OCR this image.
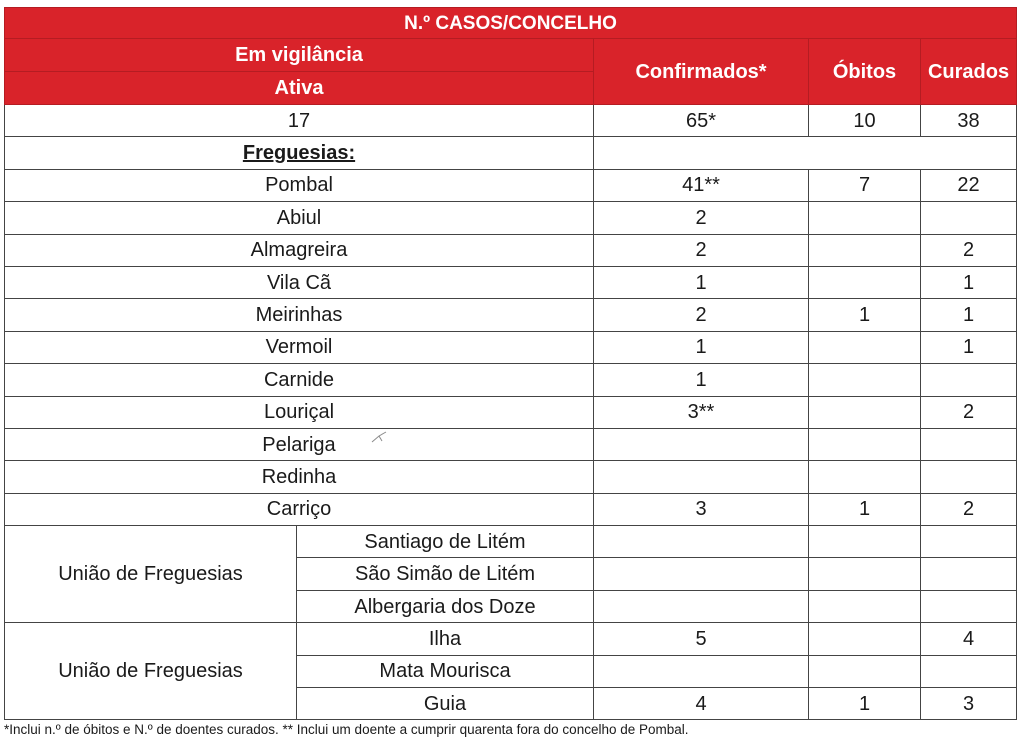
N.º CASOS/CONCELHO				
Em vigilância		Confirmados*	Óbitos	Curados
Ativa				
17		65*	10	38
Freguesias:				
Pombal		41**	7	22
Abiul		2		
Almagreira		2		2
Vila Cã		1		1
Meirinhas		2	1	1
Vermoil		1		1
Carnide		1		
Louriçal		3**		2
Pelariga				
Redinha				
Carriço		3	1	2
União de Freguesias	Santiago de Litém			
	São Simão de Litém			
	Albergaria dos Doze			
União de Freguesias	Ilha	5		4
	Mata Mourisca			
	Guia	4	1	3
*Inclui n.º de óbitos e N.º de doentes curados. ** Inclui um doente a cumprir quarenta fora do concelho de Pombal.
